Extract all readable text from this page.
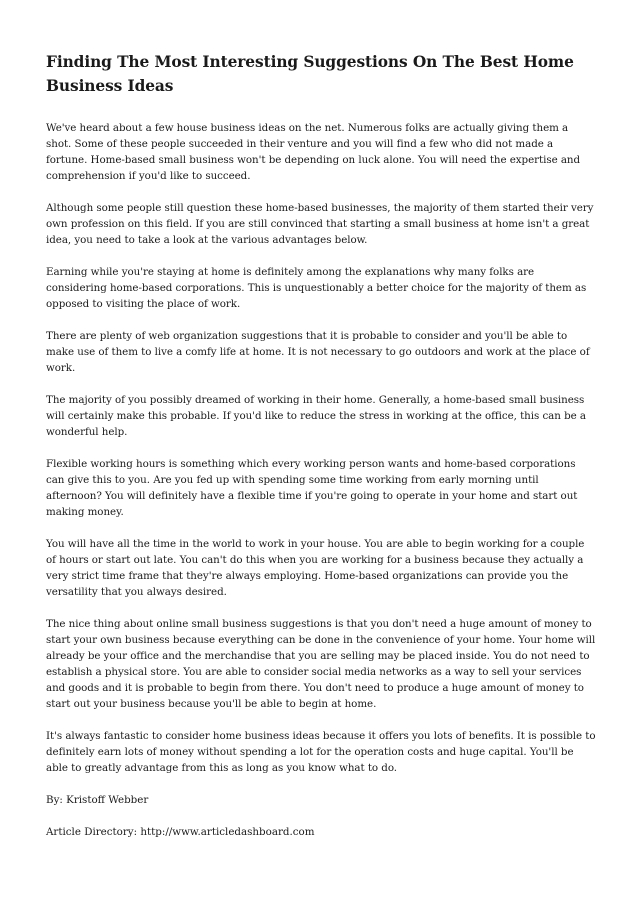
Finding The Most Interesting Suggestions On The Best Home Business Ideas

We've heard about a few house business ideas on the net. Numerous folks are actually giving them a shot. Some of these people succeeded in their venture and you will find a few who did not made a fortune. Home-based small business won't be depending on luck alone. You will need the expertise and comprehension if you'd like to succeed.

Although some people still question these home-based businesses, the majority of them started their very own profession on this field. If you are still convinced that starting a small business at home isn't a great idea, you need to take a look at the various advantages below.

Earning while you're staying at home is definitely among the explanations why many folks are considering home-based corporations. This is unquestionably a better choice for the majority of them as opposed to visiting the place of work.

There are plenty of web organization suggestions that it is probable to consider and you'll be able to make use of them to live a comfy life at home. It is not necessary to go outdoors and work at the place of work.

The majority of you possibly dreamed of working in their home. Generally, a home-based small business will certainly make this probable. If you'd like to reduce the stress in working at the office, this can be a wonderful help.

Flexible working hours is something which every working person wants and home-based corporations can give this to you. Are you fed up with spending some time working from early morning until afternoon? You will definitely have a flexible time if you're going to operate in your home and start out making money.

You will have all the time in the world to work in your house. You are able to begin working for a couple of hours or start out late. You can't do this when you are working for a business because they actually a very strict time frame that they're always employing. Home-based organizations can provide you the versatility that you always desired.

The nice thing about online small business suggestions is that you don't need a huge amount of money to start your own business because everything can be done in the convenience of your home. Your home will already be your office and the merchandise that you are selling may be placed inside. You do not need to establish a physical store. You are able to consider social media networks as a way to sell your services and goods and it is probable to begin from there. You don't need to produce a huge amount of money to start out your business because you'll be able to begin at home.

It's always fantastic to consider home business ideas because it offers you lots of benefits. It is possible to definitely earn lots of money without spending a lot for the operation costs and huge capital. You'll be able to greatly advantage from this as long as you know what to do.

By: Kristoff Webber

Article Directory: http://www.articledashboard.com
